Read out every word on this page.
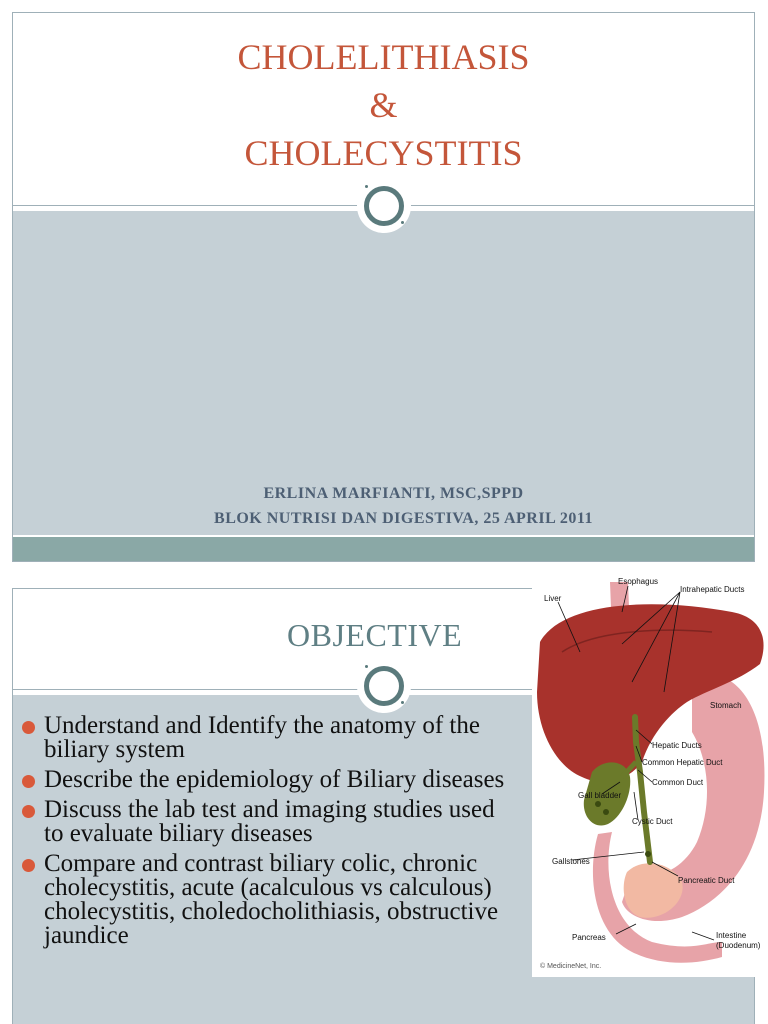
CHOLELITHIASIS
&
CHOLECYSTITIS
ERLINA MARFIANTI, MSC,SPPD
BLOK NUTRISI DAN DIGESTIVA, 25 APRIL 2011
OBJECTIVE
Understand and Identify the anatomy of the biliary system
Describe the epidemiology of Biliary diseases
Discuss the lab test and imaging studies used to evaluate biliary diseases
Compare and contrast biliary colic, chronic cholecystitis, acute (acalculous vs calculous) cholecystitis, choledocholithiasis, obstructive jaundice
Esophagus
Intrahepatic Ducts
Liver
Stomach
Hepatic Ducts
Common Hepatic Duct
Common Duct
Gall bladder
Cystic Duct
Gallstones
Pancreatic Duct
Pancreas	Intestine
(Duodenum)
© MedicineNet, Inc.
